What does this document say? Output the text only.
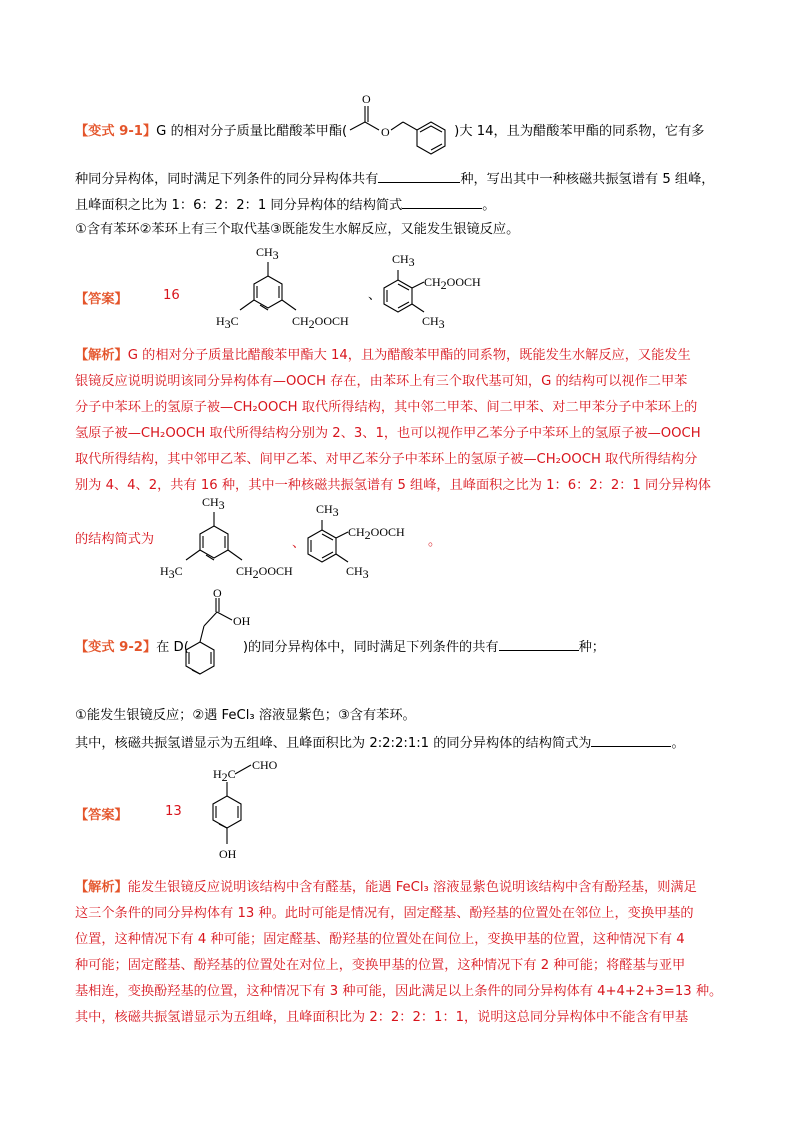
【变式 9-1】G 的相对分子质量比醋酸苯甲酯(	)大 14，且为醋酸苯甲酯的同系物，它有多
O
O
种同分异构体，同时满足下列条件的同分异构体共有	种，写出其中一种核磁共振氢谱有 5 组峰，
且峰面积之比为 1：6：2：2：1 同分异构体的结构简式	。
①含有苯环②苯环上有三个取代基③既能发生水解反应，又能发生银镜反应。
【答案】	16
CH3
H3C	CH2OOCH
、
CH3
CH2OOCH
CH3
【解析】G 的相对分子质量比醋酸苯甲酯大 14，且为醋酸苯甲酯的同系物，既能发生水解反应，又能发生
银镜反应说明说明该同分异构体有—OOCH 存在，由苯环上有三个取代基可知，G 的结构可以视作二甲苯
分子中苯环上的氢原子被—CH₂OOCH 取代所得结构，其中邻二甲苯、间二甲苯、对二甲苯分子中苯环上的
氢原子被—CH₂OOCH 取代所得结构分别为 2、3、1，也可以视作甲乙苯分子中苯环上的氢原子被—OOCH
取代所得结构，其中邻甲乙苯、间甲乙苯、对甲乙苯分子中苯环上的氢原子被—CH₂OOCH 取代所得结构分
别为 4、4、2，共有 16 种，其中一种核磁共振氢谱有 5 组峰，且峰面积之比为 1：6：2：2：1 同分异构体
的结构简式为
CH3
H3C	CH2OOCH
、
CH3
CH2OOCH
CH3
。
O
OH
【变式 9-2】在 D(	)的同分异构体中，同时满足下列条件的共有	种；
①能发生银镜反应；②遇 FeCl₃ 溶液显紫色；③含有苯环。
其中，核磁共振氢谱显示为五组峰、且峰面积比为 2:2:2:1:1 的同分异构体的结构简式为	。
【答案】	13
H2C
CHO
OH
【解析】能发生银镜反应说明该结构中含有醛基，能遇 FeCl₃ 溶液显紫色说明该结构中含有酚羟基，则满足
这三个条件的同分异构体有 13 种。此时可能是情况有，固定醛基、酚羟基的位置处在邻位上，变换甲基的
位置，这种情况下有 4 种可能；固定醛基、酚羟基的位置处在间位上，变换甲基的位置，这种情况下有 4
种可能；固定醛基、酚羟基的位置处在对位上，变换甲基的位置，这种情况下有 2 种可能；将醛基与亚甲
基相连，变换酚羟基的位置，这种情况下有 3 种可能，因此满足以上条件的同分异构体有 4+4+2+3=13 种。
其中，核磁共振氢谱显示为五组峰，且峰面积比为 2：2：2：1：1，说明这总同分异构体中不能含有甲基
